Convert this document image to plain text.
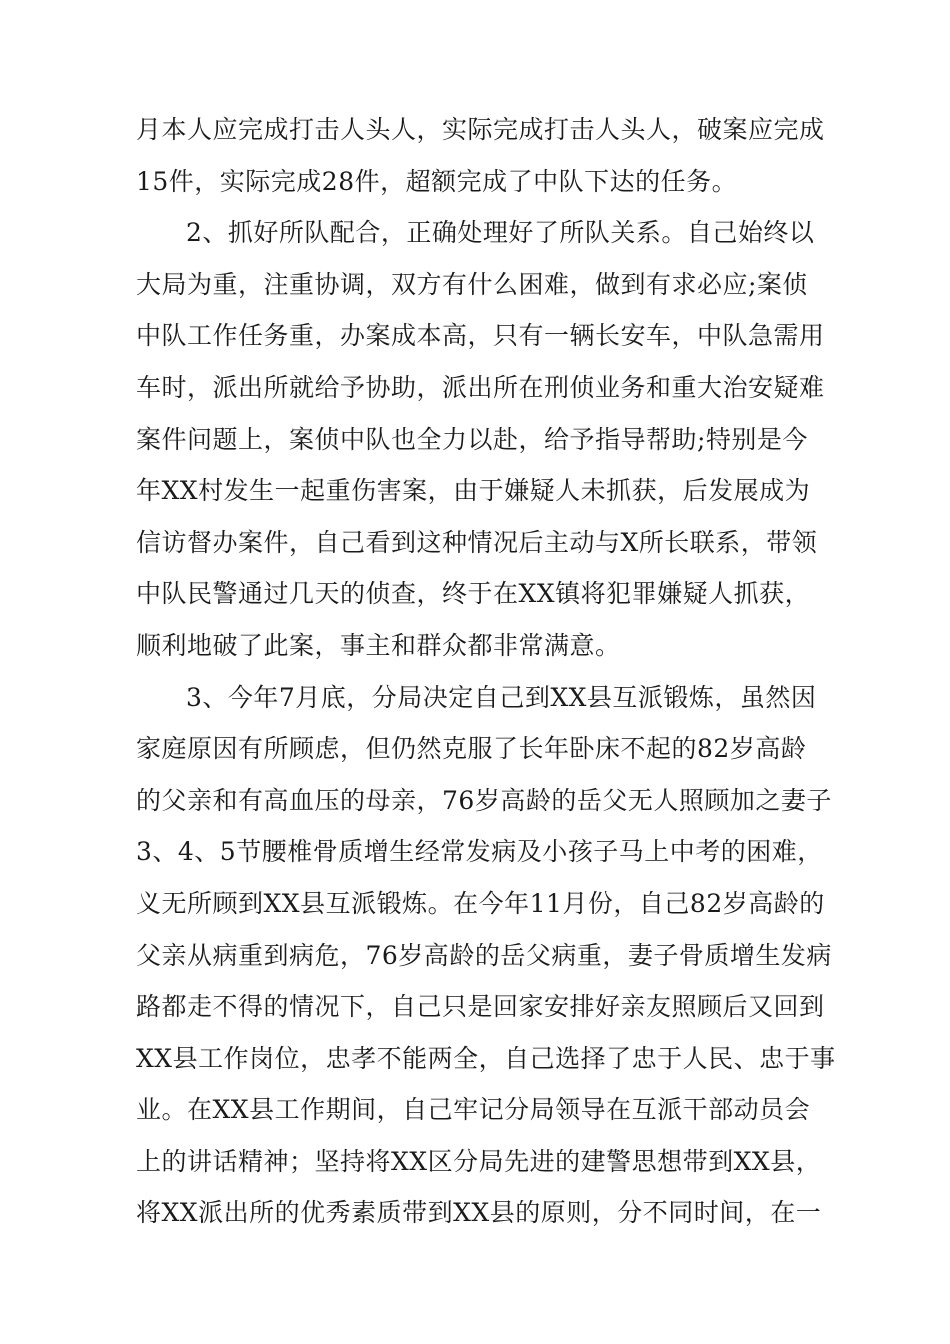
月本人应完成打击人头人，实际完成打击人头人，破案应完成
15件，实际完成28件，超额完成了中队下达的任务。
2、抓好所队配合，正确处理好了所队关系。自己始终以
大局为重，注重协调，双方有什么困难，做到有求必应;案侦
中队工作任务重，办案成本高，只有一辆长安车，中队急需用
车时，派出所就给予协助，派出所在刑侦业务和重大治安疑难
案件问题上，案侦中队也全力以赴，给予指导帮助;特别是今
年XX村发生一起重伤害案，由于嫌疑人未抓获，后发展成为
信访督办案件，自己看到这种情况后主动与X所长联系，带领
中队民警通过几天的侦查，终于在XX镇将犯罪嫌疑人抓获，
顺利地破了此案，事主和群众都非常满意。
3、今年7月底，分局决定自己到XX县互派锻炼，虽然因
家庭原因有所顾虑，但仍然克服了长年卧床不起的82岁高龄
的父亲和有高血压的母亲，76岁高龄的岳父无人照顾加之妻子
3、4、5节腰椎骨质增生经常发病及小孩子马上中考的困难，
义无所顾到XX县互派锻炼。在今年11月份，自己82岁高龄的
父亲从病重到病危，76岁高龄的岳父病重，妻子骨质增生发病
路都走不得的情况下，自己只是回家安排好亲友照顾后又回到
XX县工作岗位，忠孝不能两全，自己选择了忠于人民、忠于事
业。在XX县工作期间，自己牢记分局领导在互派干部动员会
上的讲话精神；坚持将XX区分局先进的建警思想带到XX县，
将XX派出所的优秀素质带到XX县的原则，分不同时间，在一
